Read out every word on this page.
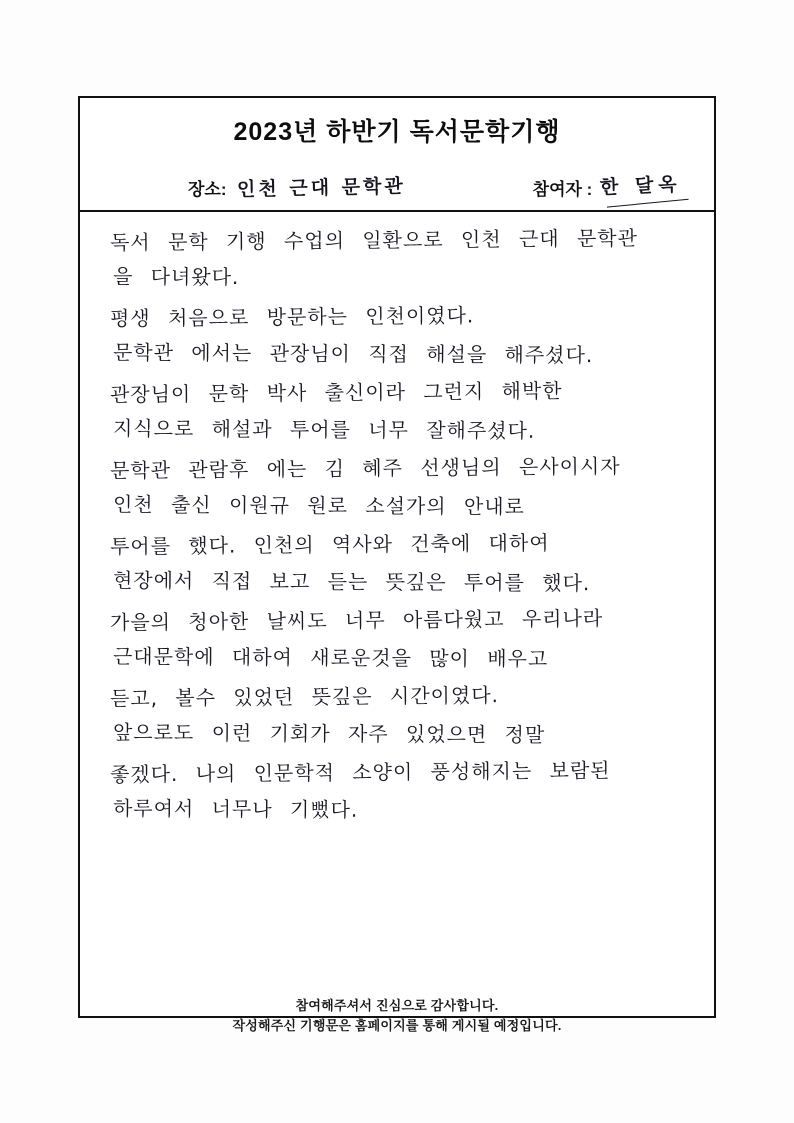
2023년 하반기 독서문학기행
장소: 인천 근대 문학관	참여자 : 한 달옥

독서 문학 기행 수업의 일환으로 인천 근대 문학관

을 다녀왔다.

평생 처음으로 방문하는 인천이였다.

문학관 에서는 관장님이 직접 해설을 해주셨다.

관장님이 문학 박사 출신이라 그런지 해박한

지식으로 해설과 투어를 너무 잘해주셨다.

문학관 관람후 에는 김 혜주 선생님의 은사이시자

인천 출신 이원규 원로 소설가의 안내로

투어를 했다. 인천의 역사와 건축에 대하여

현장에서 직접 보고 듣는 뜻깊은 투어를 했다.

가을의 청아한 날씨도 너무 아름다웠고 우리나라

근대문학에 대하여 새로운것을 많이 배우고

듣고, 볼수 있었던 뜻깊은 시간이였다.

앞으로도 이런 기회가 자주 있었으면 정말

좋겠다. 나의 인문학적 소양이 풍성해지는 보람된

하루여서 너무나 기뻤다.

참여해주셔서 진심으로 감사합니다.
작성해주신 기행문은 홈페이지를 통해 게시될 예정입니다.
